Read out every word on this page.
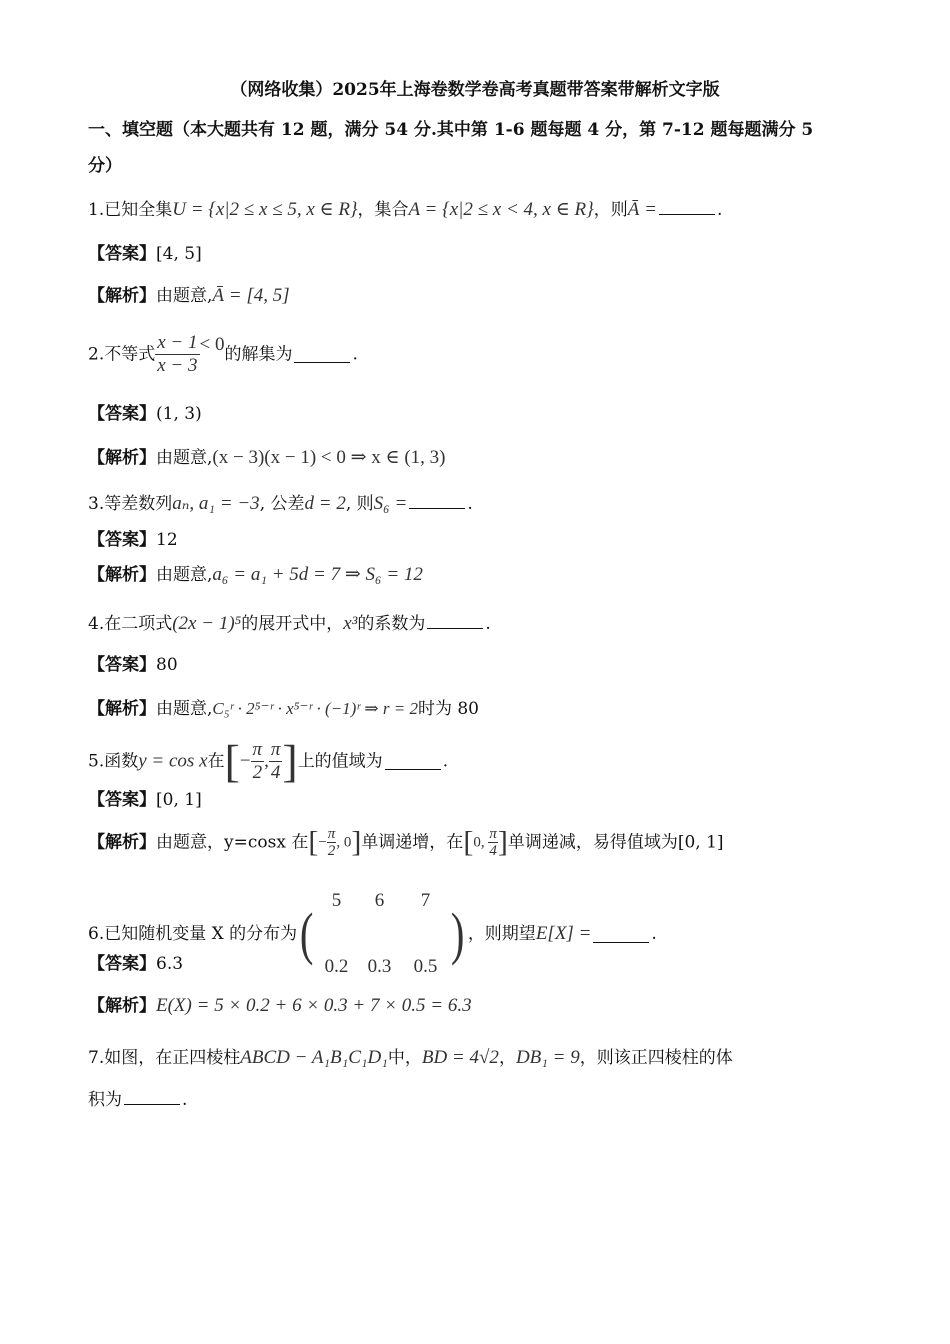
（网络收集）2025年上海卷数学卷高考真题带答案带解析文字版
一、填空题（本大题共有 12 题，满分 54 分.其中第 1-6 题每题 4 分，第 7-12 题每题满分 5
分）
1.已知全集U = {x|2 ≤ x ≤ 5, x ∈ R}，集合A = {x|2 ≤ x < 4, x ∈ R}，则Ā =	.
【答案】[4, 5]
【解析】由题意,Ā = [4, 5]
2.不等式 $\frac{x - 1}{x - 3} < 0$的解集为	.
【答案】(1, 3)
【解析】由题意,(x − 3)(x − 1) < 0 ⇒ x ∈ (1, 3)
3.等差数列aₙ, a₁ = −3, 公差d = 2, 则S₆ =	.
【答案】12
【解析】由题意,a₆ = a₁ + 5d = 7 ⇒ S₆ = 12
4.在二项式(2x − 1)⁵的展开式中，x³的系数为	.
【答案】80
【解析】由题意,C₅ʳ · 2⁵⁻ʳ · x⁵⁻ʳ · (−1)ʳ ⇒ r = 2时为 80
5.函数y = cos x在[− $\frac{\pi}{2}$ , $\frac{\pi}{4}$ ]上的值域为	.
【答案】[0, 1]
【解析】由题意，y=cosx 在[− $\frac{\pi}{2}$ , 0]单调递增，在[0, $\frac{\pi}{4}$ ]单调递减，易得值域为[0, 1]
6.已知随机变量 X 的分布为(
5	6	7
0.2	0.3	0.5
) ，则期望E[X] =	.
【答案】6.3
【解析】E(X) = 5 × 0.2 + 6 × 0.3 + 7 × 0.5 = 6.3
7.如图，在正四棱柱ABCD − A₁B₁C₁D₁中，BD = 4√2，DB₁ = 9，则该正四棱柱的体
积为	.
